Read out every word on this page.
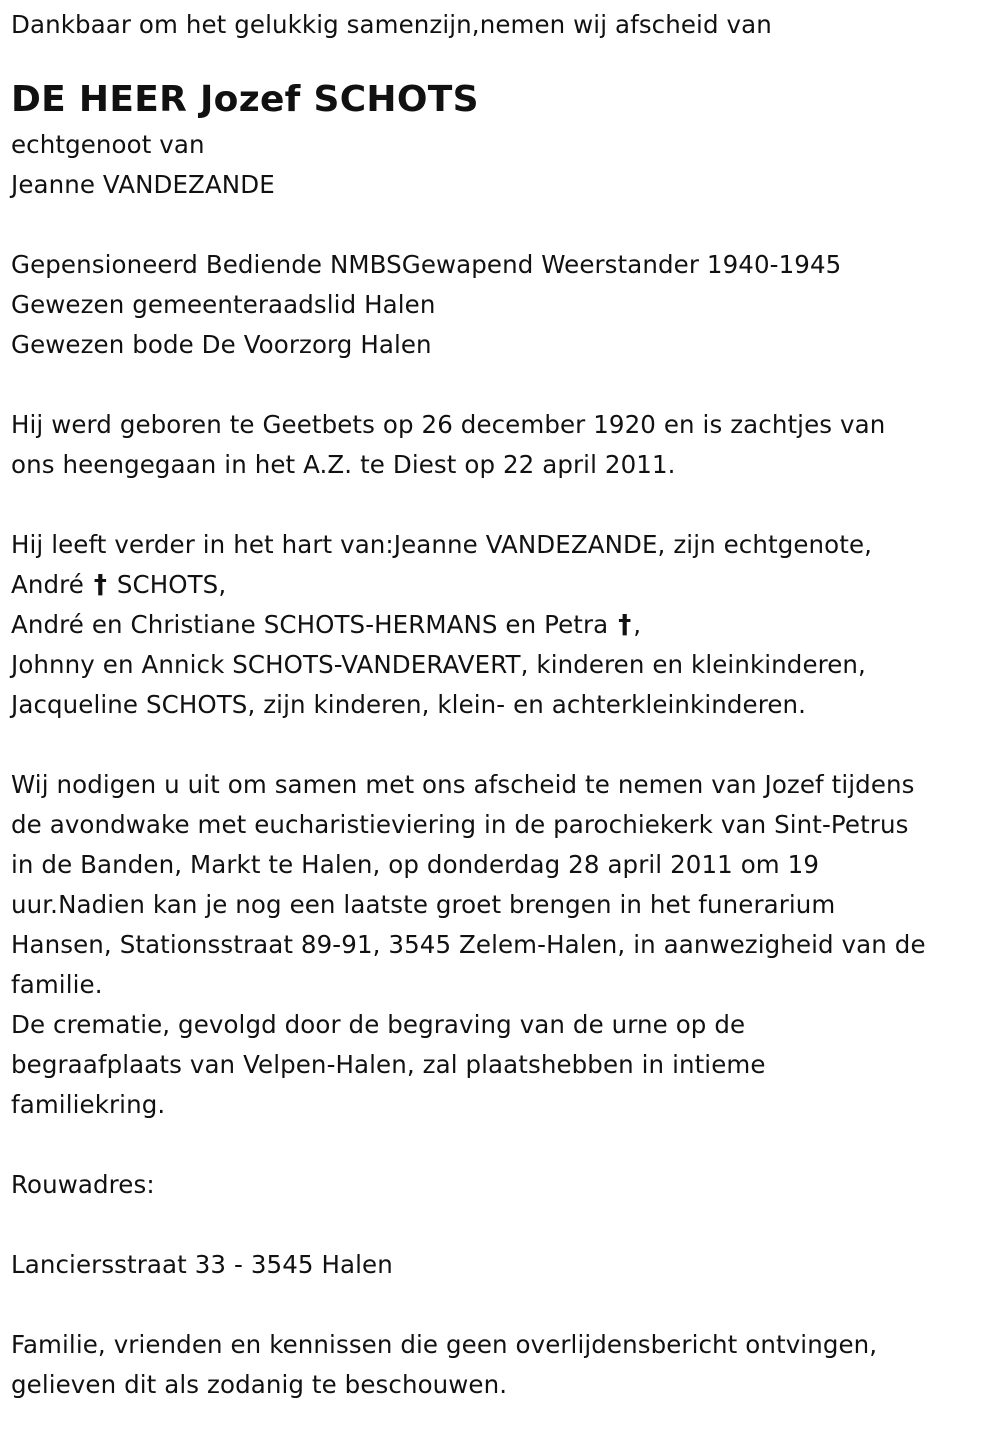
Dankbaar om het gelukkig samenzijn,nemen wij afscheid van
DE HEER Jozef SCHOTS
echtgenoot van
Jeanne VANDEZANDE
Gepensioneerd Bediende NMBSGewapend Weerstander 1940-1945
Gewezen gemeenteraadslid Halen
Gewezen bode De Voorzorg Halen
Hij werd geboren te Geetbets op 26 december 1920 en is zachtjes van
ons heengegaan in het A.Z. te Diest op 22 april 2011.
Hij leeft verder in het hart van:Jeanne VANDEZANDE, zijn echtgenote,
André † SCHOTS,
André en Christiane SCHOTS-HERMANS en Petra †,
Johnny en Annick SCHOTS-VANDERAVERT, kinderen en kleinkinderen,
Jacqueline SCHOTS, zijn kinderen, klein- en achterkleinkinderen.
Wij nodigen u uit om samen met ons afscheid te nemen van Jozef tijdens
de avondwake met eucharistieviering in de parochiekerk van Sint-Petrus
in de Banden, Markt te Halen, op donderdag 28 april 2011 om 19
uur.Nadien kan je nog een laatste groet brengen in het funerarium
Hansen, Stationsstraat 89-91, 3545 Zelem-Halen, in aanwezigheid van de
familie.
De crematie, gevolgd door de begraving van de urne op de
begraafplaats van Velpen-Halen, zal plaatshebben in intieme
familiekring.
Rouwadres:
Lanciersstraat 33 - 3545 Halen
Familie, vrienden en kennissen die geen overlijdensbericht ontvingen,
gelieven dit als zodanig te beschouwen.
